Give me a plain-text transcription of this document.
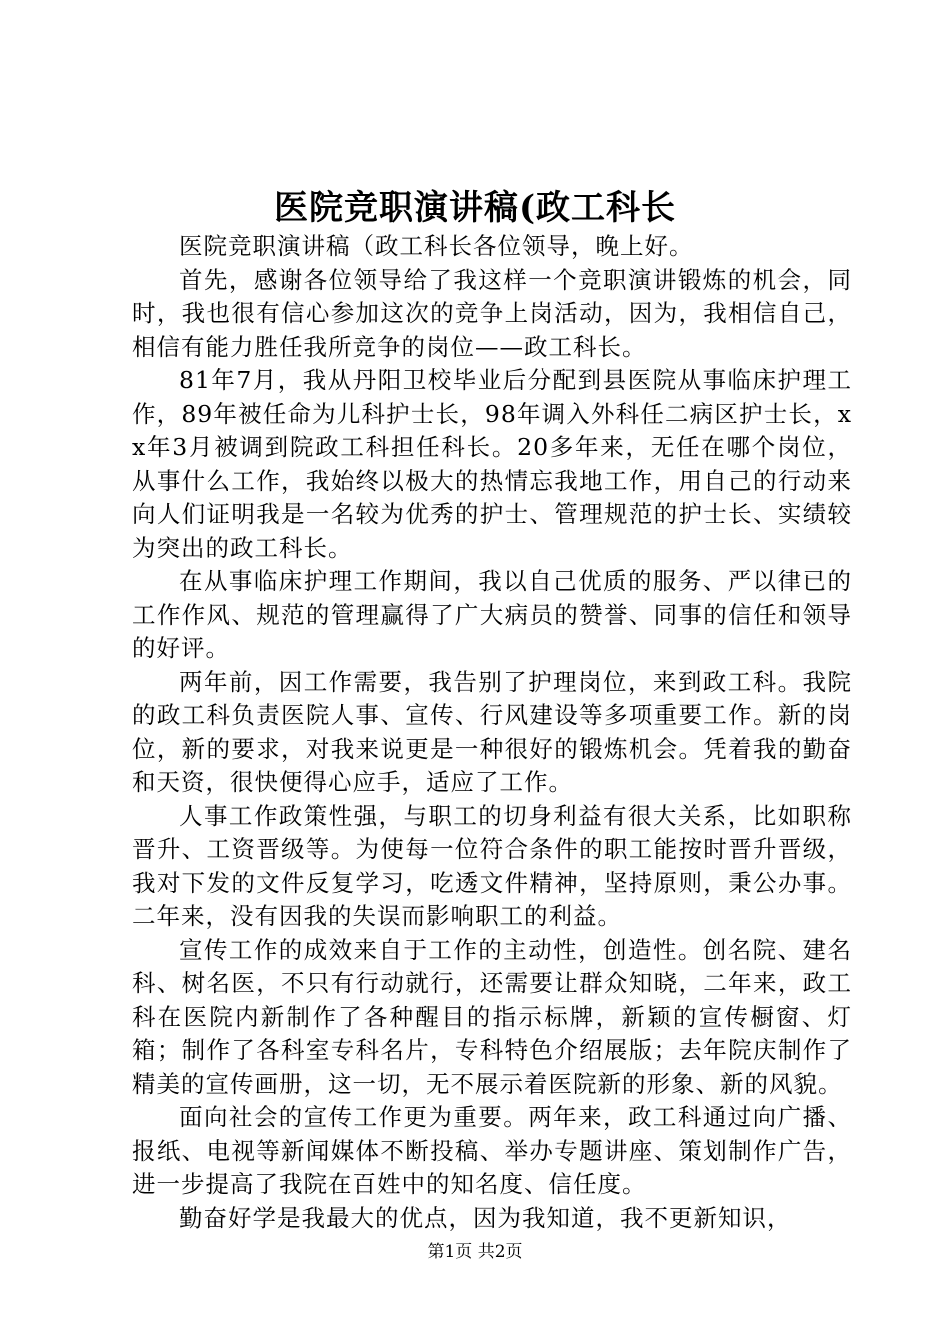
医院竞职演讲稿(政工科长

医院竞职演讲稿（政工科长各位领导，晚上好。

首先，感谢各位领导给了我这样一个竞职演讲锻炼的机会，同时，我也很有信心参加这次的竞争上岗活动，因为，我相信自己，相信有能力胜任我所竞争的岗位——政工科长。

81年7月，我从丹阳卫校毕业后分配到县医院从事临床护理工作，89年被任命为儿科护士长，98年调入外科任二病区护士长，xx年3月被调到院政工科担任科长。20多年来，无任在哪个岗位，从事什么工作，我始终以极大的热情忘我地工作，用自己的行动来向人们证明我是一名较为优秀的护士、管理规范的护士长、实绩较为突出的政工科长。

在从事临床护理工作期间，我以自己优质的服务、严以律已的工作作风、规范的管理赢得了广大病员的赞誉、同事的信任和领导的好评。

两年前，因工作需要，我告别了护理岗位，来到政工科。我院的政工科负责医院人事、宣传、行风建设等多项重要工作。新的岗位，新的要求，对我来说更是一种很好的锻炼机会。凭着我的勤奋和天资，很快便得心应手，适应了工作。

人事工作政策性强，与职工的切身利益有很大关系，比如职称晋升、工资晋级等。为使每一位符合条件的职工能按时晋升晋级，我对下发的文件反复学习，吃透文件精神，坚持原则，秉公办事。二年来，没有因我的失误而影响职工的利益。

宣传工作的成效来自于工作的主动性，创造性。创名院、建名科、树名医，不只有行动就行，还需要让群众知晓，二年来，政工科在医院内新制作了各种醒目的指示标牌，新颖的宣传橱窗、灯箱；制作了各科室专科名片，专科特色介绍展版；去年院庆制作了精美的宣传画册，这一切，无不展示着医院新的形象、新的风貌。

面向社会的宣传工作更为重要。两年来，政工科通过向广播、报纸、电视等新闻媒体不断投稿、举办专题讲座、策划制作广告，进一步提高了我院在百姓中的知名度、信任度。

勤奋好学是我最大的优点，因为我知道，我不更新知识，

第1页 共2页
